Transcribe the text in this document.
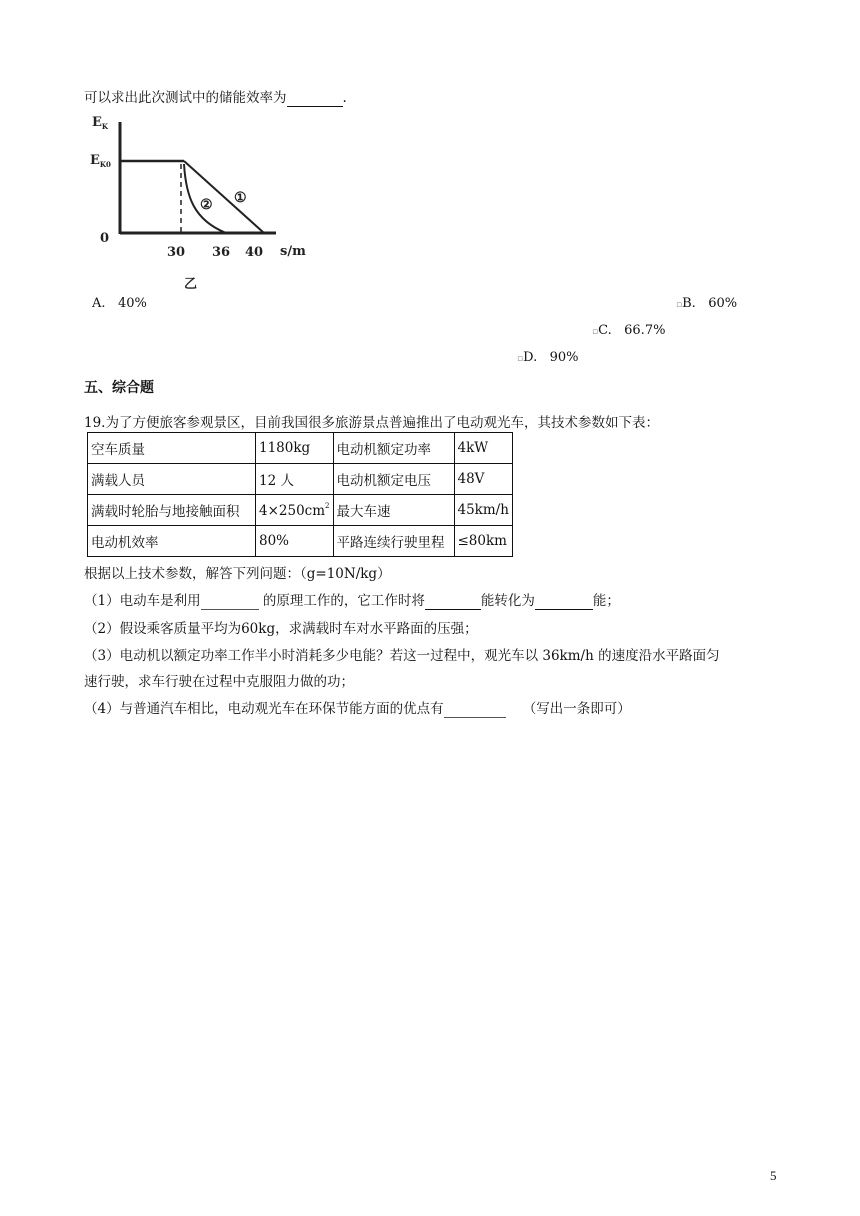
可以求出此次测试中的储能效率为	.
$E_K$
$E_{K0}$
0
①
②
30 36 40 s/m
乙
A. 40%	▫B. 60%
▫C. 66.7%
▫D. 90%
五、综合题
19.为了方便旅客参观景区，目前我国很多旅游景点普遍推出了电动观光车，其技术参数如下表：
空车质量	1180kg	电动机额定功率	4kW
满载人员	12 人	电动机额定电压	48V
满载时轮胎与地接触面积	$4\times 250cm^2$	最大车速	45km/h
电动机效率	80%	平路连续行驶里程	≤80km
根据以上技术参数，解答下列问题：（g=10N/kg）
（1）电动车是利用	的原理工作的，它工作时将	能转化为	能；
（2）假设乘客质量平均为60kg，求满载时车对水平路面的压强；
（3）电动机以额定功率工作半小时消耗多少电能？若这一过程中，观光车以 36km/h 的速度沿水平路面匀
速行驶，求车行驶在过程中克服阻力做的功；
（4）与普通汽车相比，电动观光车在环保节能方面的优点有	（写出一条即可）
5
